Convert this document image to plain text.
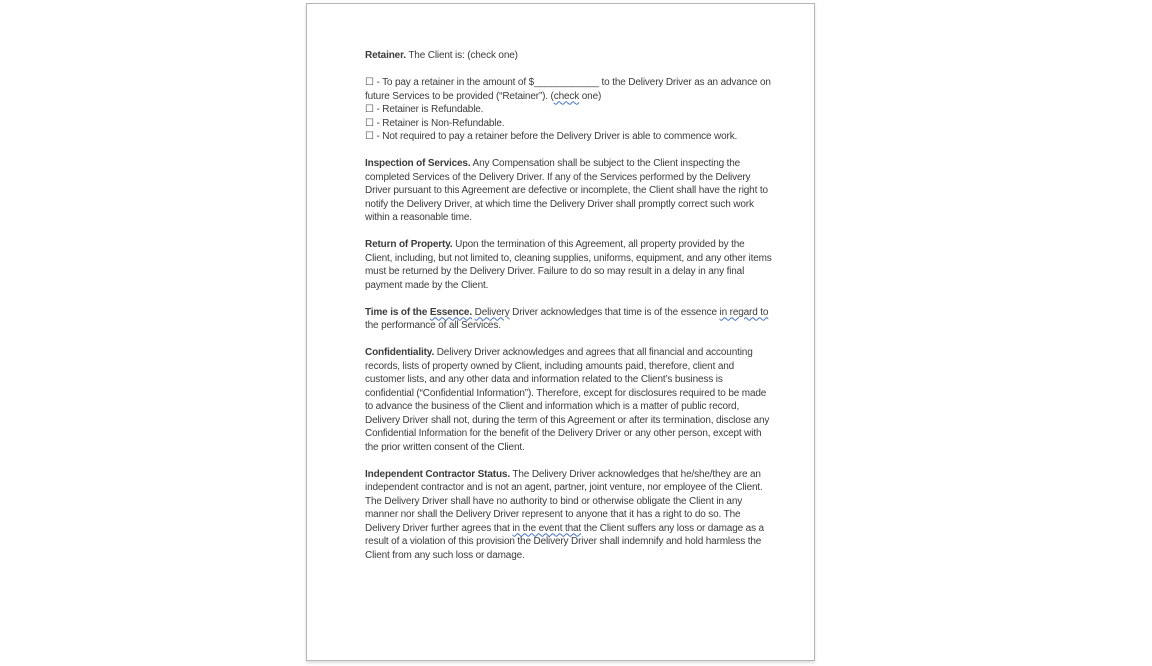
Retainer. The Client is: (check one)
☐ - To pay a retainer in the amount of $____________ to the Delivery Driver as an advance on future Services to be provided (“Retainer”). (check one)
☐ - Retainer is Refundable.
☐ - Retainer is Non-Refundable.
☐ - Not required to pay a retainer before the Delivery Driver is able to commence work.
Inspection of Services. Any Compensation shall be subject to the Client inspecting the completed Services of the Delivery Driver. If any of the Services performed by the Delivery Driver pursuant to this Agreement are defective or incomplete, the Client shall have the right to notify the Delivery Driver, at which time the Delivery Driver shall promptly correct such work within a reasonable time.
Return of Property. Upon the termination of this Agreement, all property provided by the Client, including, but not limited to, cleaning supplies, uniforms, equipment, and any other items must be returned by the Delivery Driver. Failure to do so may result in a delay in any final payment made by the Client.
Time is of the Essence. Delivery Driver acknowledges that time is of the essence in regard to the performance of all Services.
Confidentiality. Delivery Driver acknowledges and agrees that all financial and accounting records, lists of property owned by Client, including amounts paid, therefore, client and customer lists, and any other data and information related to the Client’s business is confidential (“Confidential Information”). Therefore, except for disclosures required to be made to advance the business of the Client and information which is a matter of public record, Delivery Driver shall not, during the term of this Agreement or after its termination, disclose any Confidential Information for the benefit of the Delivery Driver or any other person, except with the prior written consent of the Client.
Independent Contractor Status. The Delivery Driver acknowledges that he/she/they are an independent contractor and is not an agent, partner, joint venture, nor employee of the Client. The Delivery Driver shall have no authority to bind or otherwise obligate the Client in any manner nor shall the Delivery Driver represent to anyone that it has a right to do so. The Delivery Driver further agrees that in the event that the Client suffers any loss or damage as a result of a violation of this provision the Delivery Driver shall indemnify and hold harmless the Client from any such loss or damage.
